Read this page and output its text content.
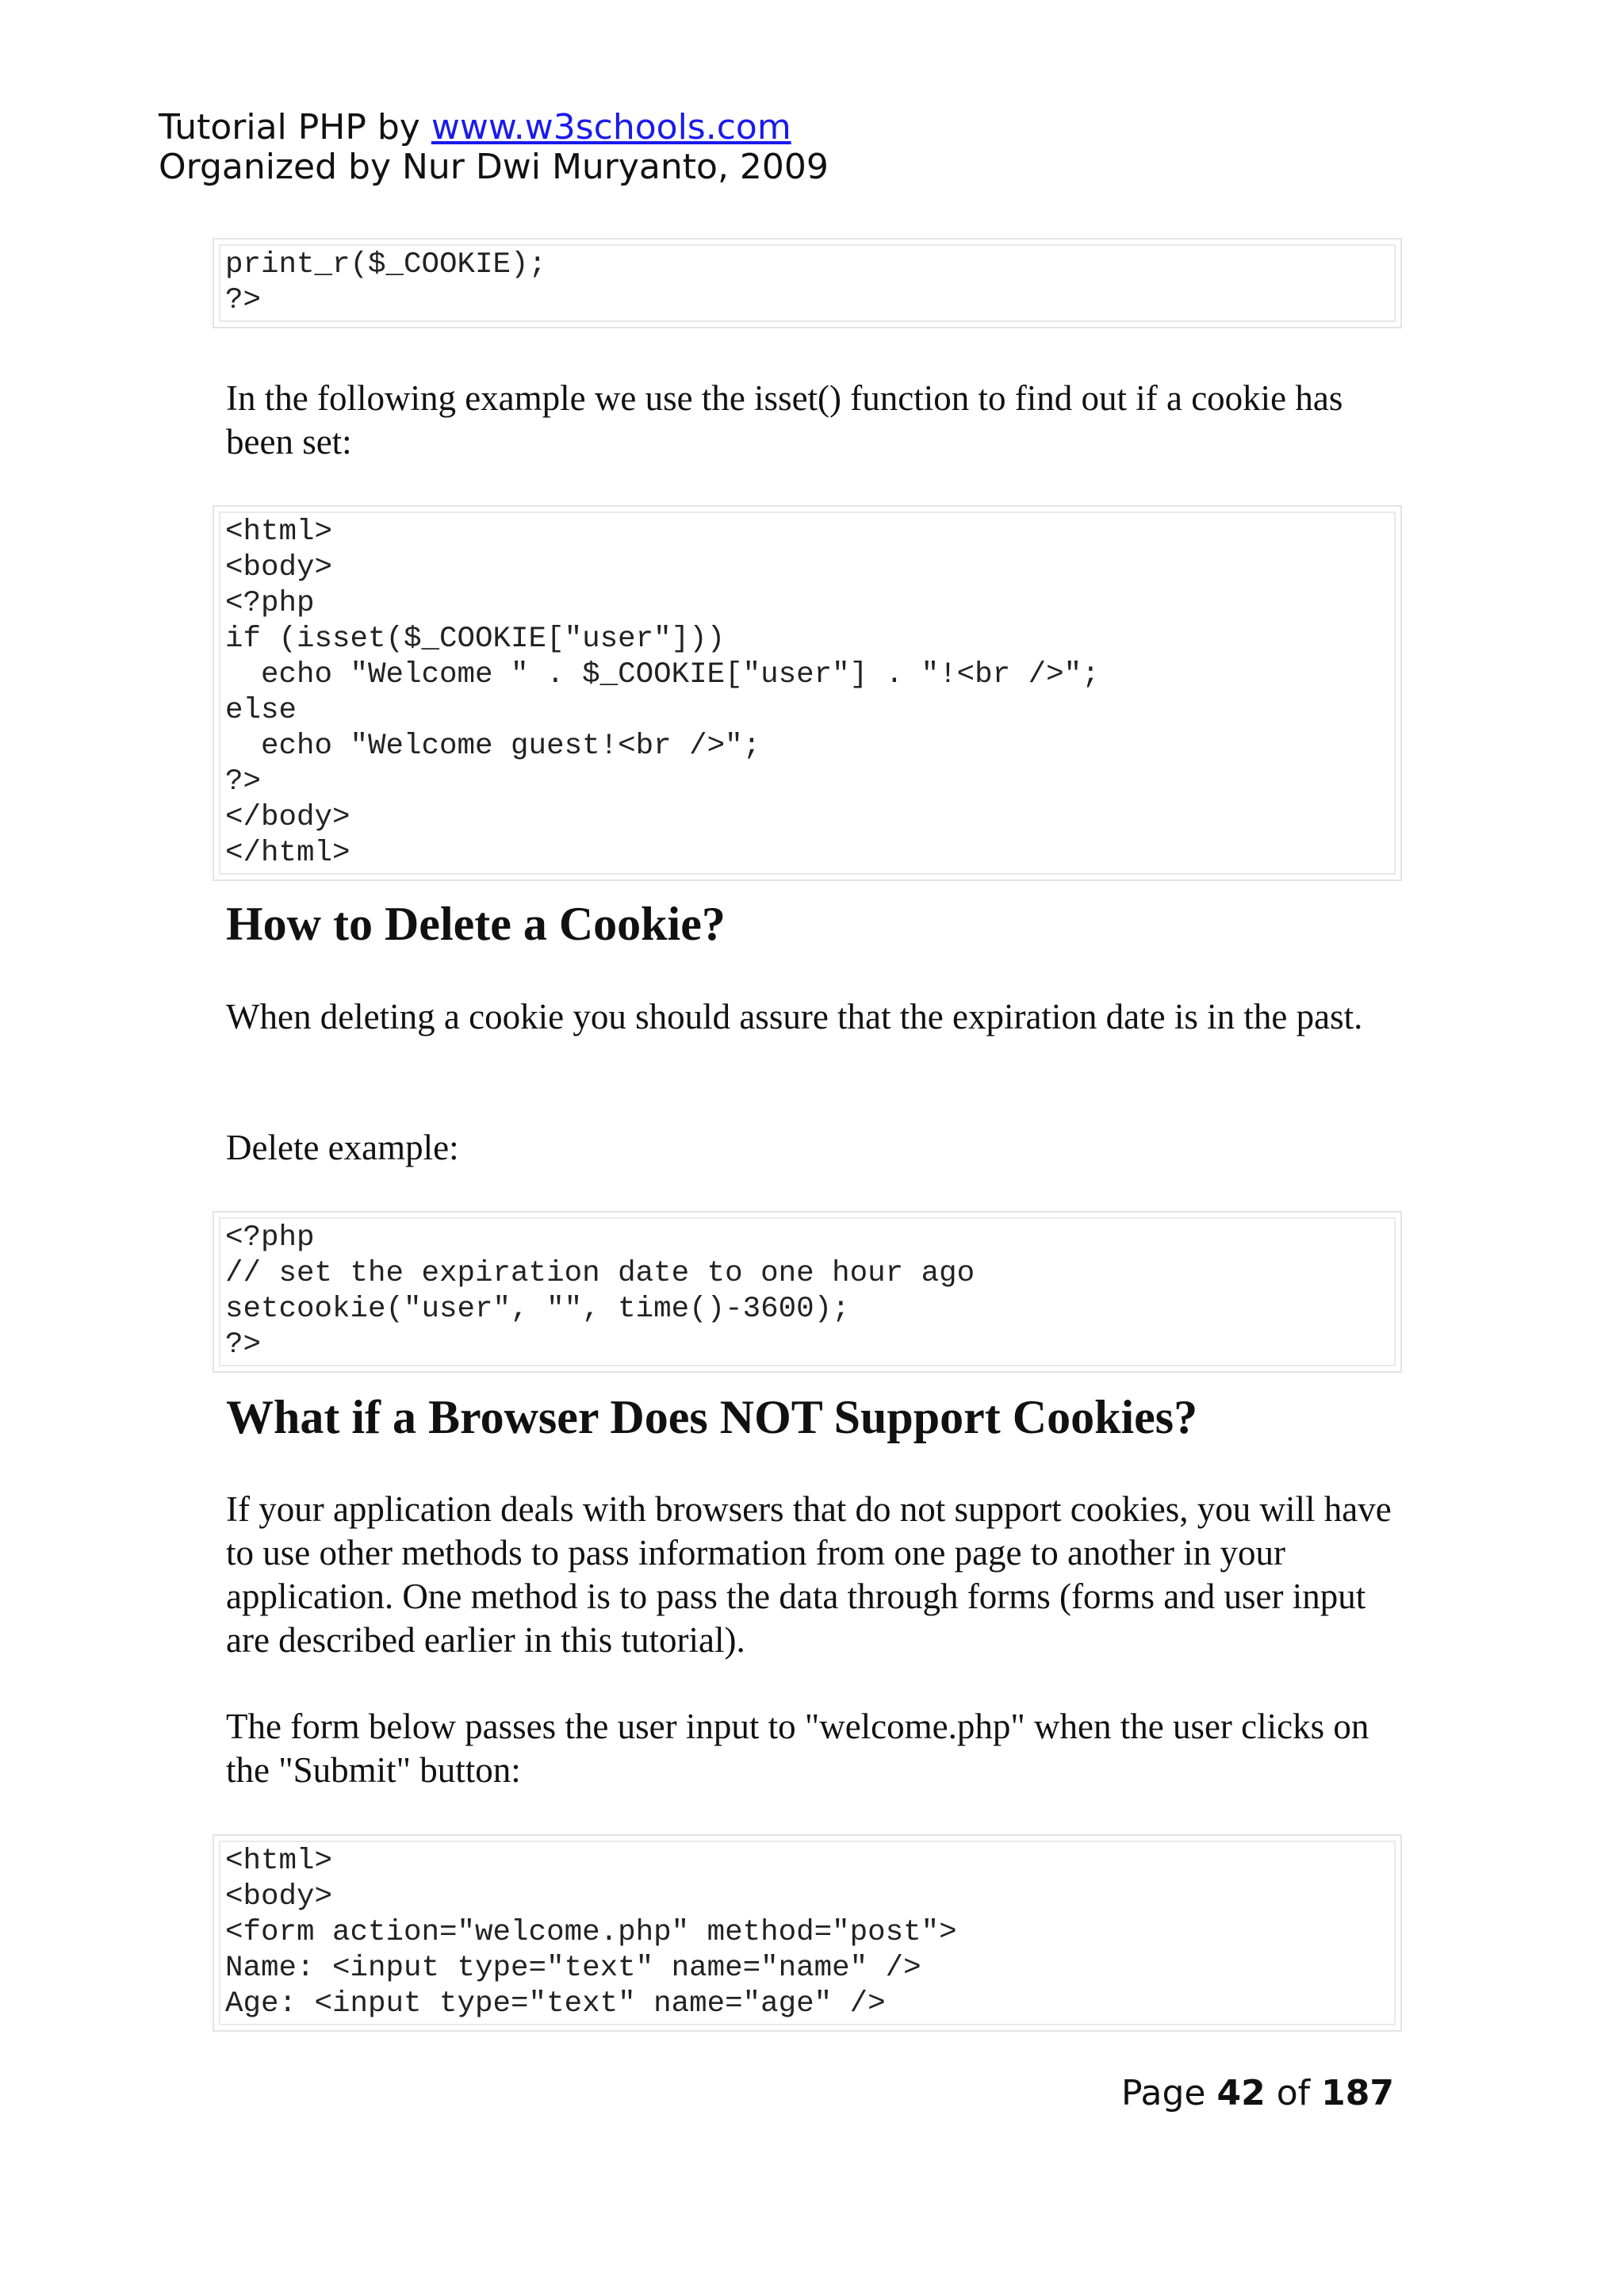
Tutorial PHP by www.w3schools.com
Organized by Nur Dwi Muryanto, 2009
print_r($_COOKIE);
?>
In the following example we use the isset() function to find out if a cookie has been set:
<html>
<body>
<?php
if (isset($_COOKIE["user"]))
echo "Welcome " . $_COOKIE["user"] . "!<br />";
else
echo "Welcome guest!<br />";
?>
</body>
</html>
How to Delete a Cookie?
When deleting a cookie you should assure that the expiration date is in the past.
Delete example:
<?php
// set the expiration date to one hour ago
setcookie("user", "", time()-3600);
?>
What if a Browser Does NOT Support Cookies?
If your application deals with browsers that do not support cookies, you will have to use other methods to pass information from one page to another in your application. One method is to pass the data through forms (forms and user input are described earlier in this tutorial).
The form below passes the user input to "welcome.php" when the user clicks on the "Submit" button:
<html>
<body>
<form action="welcome.php" method="post">
Name: <input type="text" name="name" />
Age: <input type="text" name="age" />
Page 42 of 187
